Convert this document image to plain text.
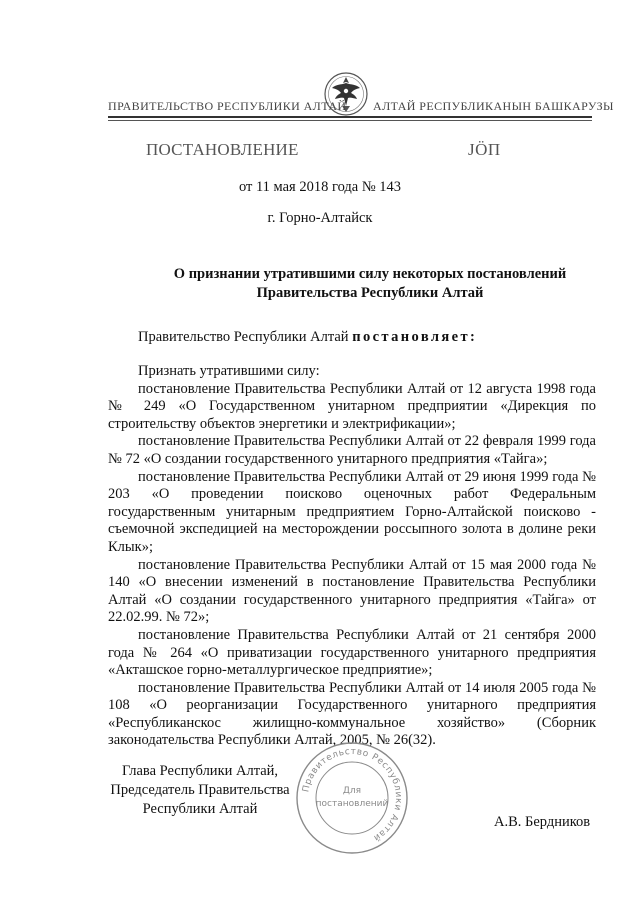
ПРАВИТЕЛЬСТВО РЕСПУБЛИКИ АЛТАЙ АЛТАЙ РЕСПУБЛИКАНЫН БАШКАРУЗЫ
ПОСТАНОВЛЕНИЕ	ЈӦП
от 11 мая 2018 года № 143
г. Горно-Алтайск
О признании утратившими силу некоторых постановлений
Правительства Республики Алтай
Правительство Республики Алтай постановляет:

Признать утратившими силу:

постановление Правительства Республики Алтай от 12 августа 1998 года № 249 «О Государственном унитарном предприятии «Дирекция по строительству объектов энергетики и электрификации»;

постановление Правительства Республики Алтай от 22 февраля 1999 года № 72 «О создании государственного унитарного предприятия «Тайга»;

постановление Правительства Республики Алтай от 29 июня 1999 года № 203 «О проведении поисково оценочных работ Федеральным государственным унитарным предприятием Горно-Алтайской поисково - съемочной экспедицией на месторождении россыпного золота в долине реки Клык»;

постановление Правительства Республики Алтай от 15 мая 2000 года № 140 «О внесении изменений в постановление Правительства Республики Алтай «О создании государственного унитарного предприятия «Тайга» от 22.02.99. № 72»;

постановление Правительства Республики Алтай от 21 сентября 2000 года № 264 «О приватизации государственного унитарного предприятия «Акташское горно-металлургическое предприятие»;

постановление Правительства Республики Алтай от 14 июля 2005 года № 108 «О реорганизации Государственного унитарного предприятия «Республиканскос жилищно-коммунальное хозяйство» (Сборник законодательства Республики Алтай, 2005, № 26(32).

Глава Республики Алтай,
Председатель Правительства
Республики Алтай
Правительство Республики Алтай
Для
постановлений
А.В. Бердников
